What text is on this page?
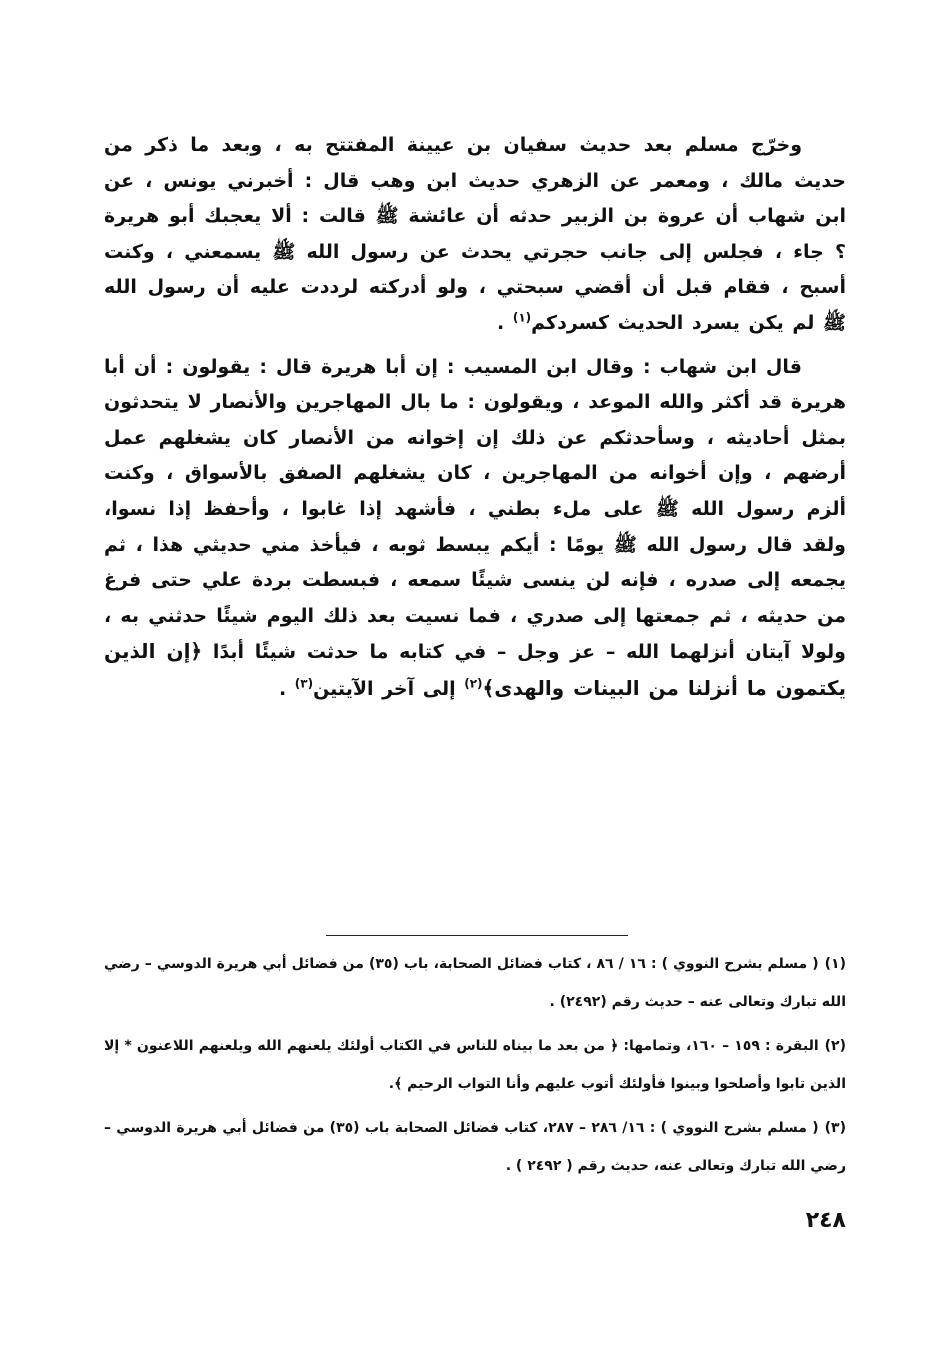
وخرّج مسلم بعد حديث سفيان بن عيينة المفتتح به ، وبعد ما ذكر من حديث مالك ، ومعمر عن الزهري حديث ابن وهب قال : أخبرني يونس ، عن ابن شهاب أن عروة بن الزبير حدثه أن عائشة ﷺ قالت : ألا يعجبك أبو هريرة ؟ جاء ، فجلس إلى جانب حجرتي يحدث عن رسول الله ﷺ يسمعني ، وكنت أسبح ، فقام قبل أن أقضي سبحتي ، ولو أدركته لرددت عليه أن رسول الله ﷺ لم يكن يسرد الحديث كسردكم$^{(١)}$ .

قال ابن شهاب : وقال ابن المسيب : إن أبا هريرة قال : يقولون : أن أبا هريرة قد أكثر والله الموعد ، ويقولون : ما بال المهاجرين والأنصار لا يتحدثون بمثل أحاديثه ، وسأحدثكم عن ذلك إن إخوانه من الأنصار كان يشغلهم عمل أرضهم ، وإن أخوانه من المهاجرين ، كان يشغلهم الصفق بالأسواق ، وكنت ألزم رسول الله ﷺ على ملء بطني ، فأشهد إذا غابوا ، وأحفظ إذا نسوا، ولقد قال رسول الله ﷺ يومًا : أيكم يبسط ثوبه ، فيأخذ مني حديثي هذا ، ثم يجمعه إلى صدره ، فإنه لن ينسى شيئًا سمعه ، فبسطت بردة علي حتى فرغ من حديثه ، ثم جمعتها إلى صدري ، فما نسيت بعد ذلك اليوم شيئًا حدثني به ، ولولا آيتان أنزلهما الله – عز وجل – في كتابه ما حدثت شيئًا أبدًا ﴿إن الذين يكتمون ما أنزلنا من البينات والهدى﴾$^{(٢)}$ إلى آخر الآيتين$^{(٣)}$ .

(١)( مسلم بشرح النووي ) : ١٦ / ٨٦ ، كتاب فضائل الصحابة، باب (٣٥) من فضائل أبي هريرة الدوسي – رضي الله تبارك وتعالى عنه – حديث رقم (٢٤٩٢) .

(٢)البقرة : ١٥٩ – ١٦٠، وتمامها: ﴿ من بعد ما بيناه للناس في الكتاب أولئك يلعنهم الله ويلعنهم اللاعنون * إلا الذين تابوا وأصلحوا وبينوا فأولئك أتوب عليهم وأنا التواب الرحيم ﴾.

(٣)( مسلم بشرح النووي ) : ١٦/ ٢٨٦ – ٢٨٧، كتاب فضائل الصحابة باب (٣٥) من فضائل أبي هريرة الدوسي – رضي الله تبارك وتعالى عنه، حديث رقم ( ٢٤٩٢ ) .

٢٤٨
